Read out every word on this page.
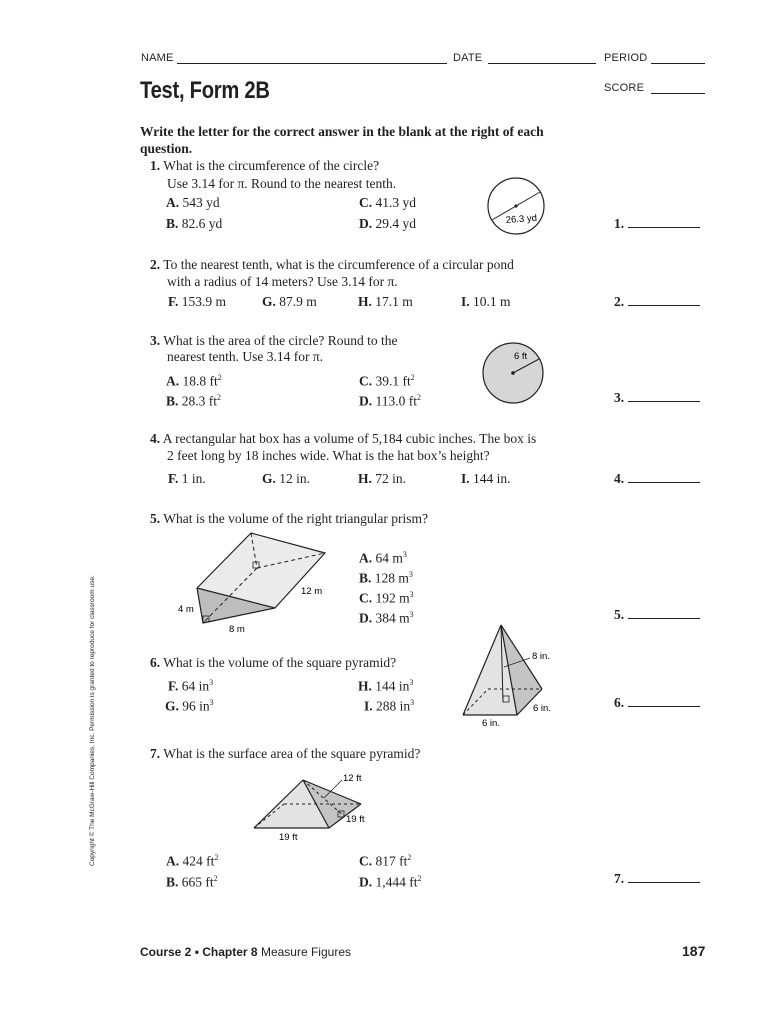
NAME	DATE	PERIOD
SCORE
Test, Form 2B
Write the letter for the correct answer in the blank at the right of each question.
1. What is the circumference of the circle?
Use 3.14 for π. Round to the nearest tenth.
A. 543 yd
B. 82.6 yd
C. 41.3 yd
D. 29.4 yd	26.3 yd	1.
2. To the nearest tenth, what is the circumference of a circular pond
with a radius of 14 meters? Use 3.14 for π.
F. 153.9 m	G. 87.9 m	H. 17.1 m	I. 10.1 m	2.
3. What is the area of the circle? Round to the
nearest tenth. Use 3.14 for π.
A. 18.8 $ft^2$
B. 28.3 $ft^2$
C. 39.1 $ft^2$
D. 113.0 $ft^2$
6 ft
3.
4. A rectangular hat box has a volume of 5,184 cubic inches. The box is
2 feet long by 18 inches wide. What is the hat box’s height?
F. 1 in.	G. 12 in.	H. 72 in.	I. 144 in.	4.
5. What is the volume of the right triangular prism?
12 m
4 m
8 m
A. 64 $m^3$
B. 128 $m^3$
C. 192 $m^3$
D. 384 $m^3$	5.
6. What is the volume of the square pyramid?
F. 64 $in^3$
G. 96 $in^3$
H. 144 $in^3$
I. 288 $in^3$
8 in.
6 in.
6 in.
6.
7. What is the surface area of the square pyramid?
12 ft
19 ft
19 ft
A. 424 $ft^2$
B. 665 $ft^2$
C. 817 $ft^2$
D. 1,444 $ft^2$	7.
Copyright © The McGraw-Hill Companies, Inc. Permission is granted to reproduce for classroom use.
Course 2 • Chapter 8 Measure Figures	187
